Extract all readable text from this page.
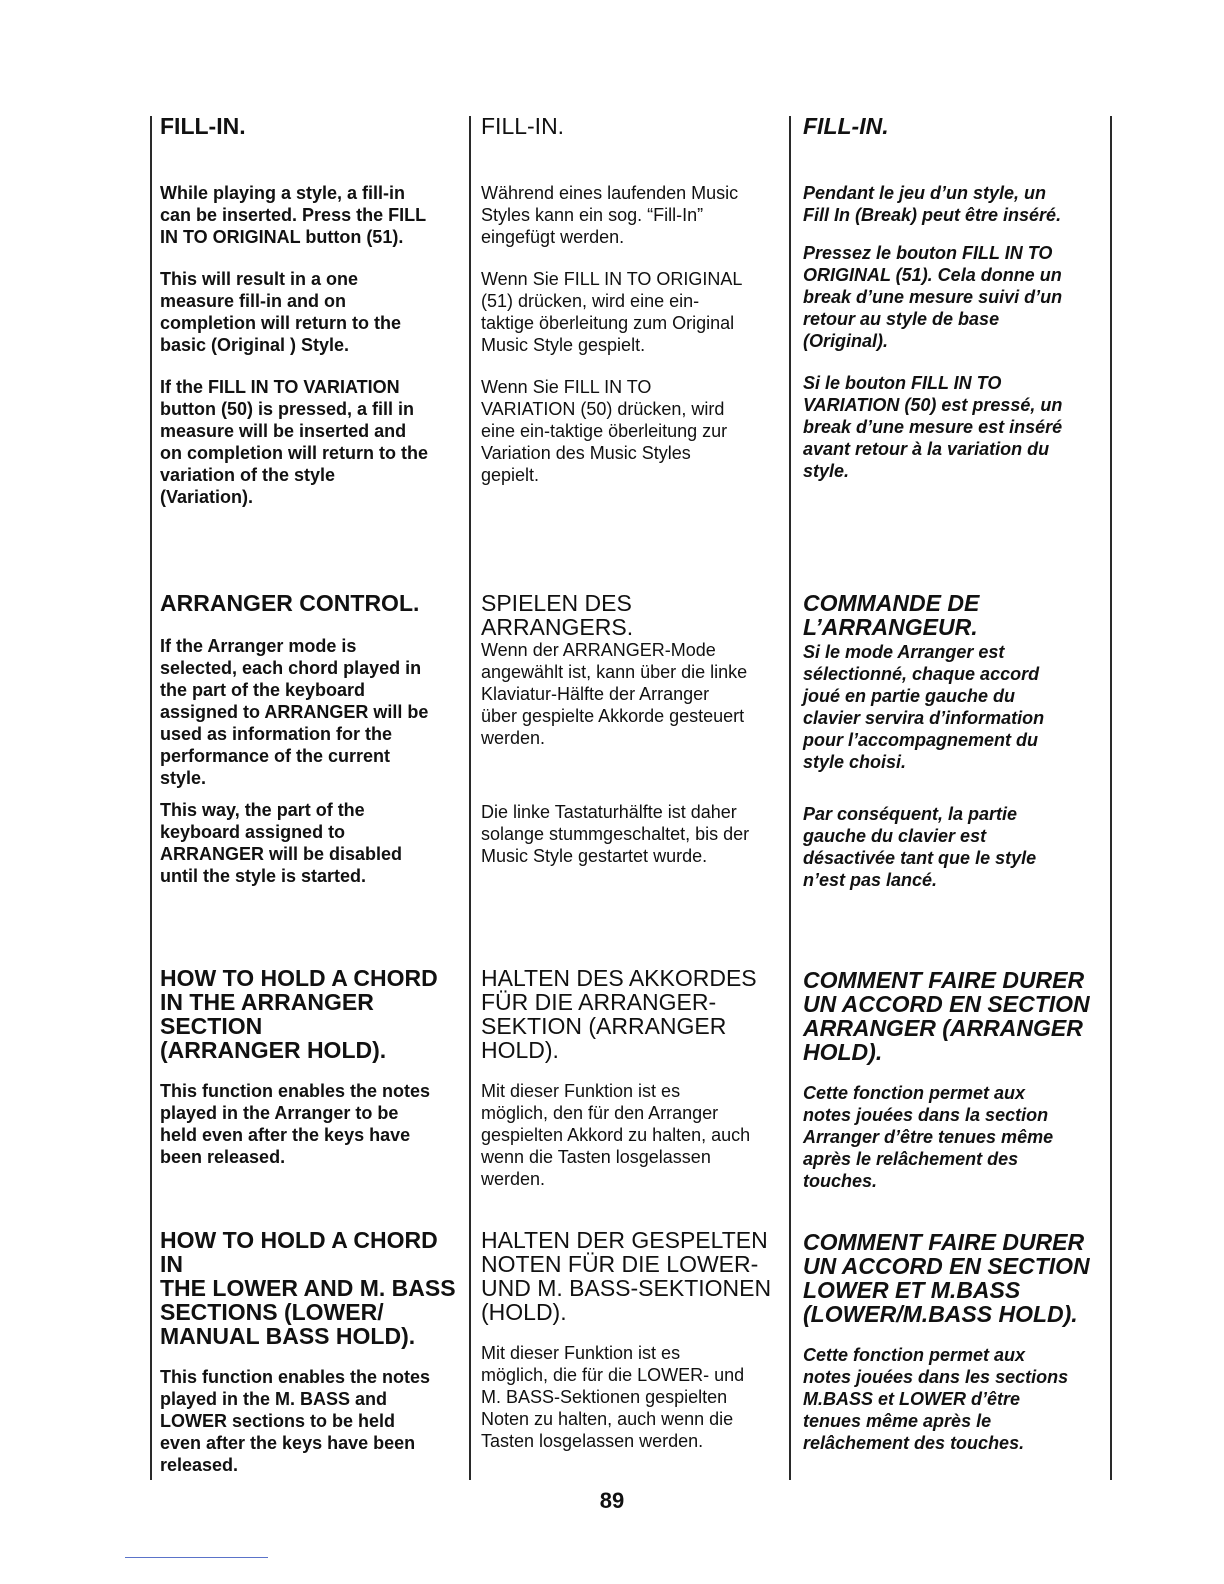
FILL-IN.

While playing a style, a fill-in
can be inserted. Press the FILL
IN TO ORIGINAL button (51).

This will result in a one
measure fill-in and on
completion will return to the
basic (Original ) Style.

If the FILL IN TO VARIATION
button (50) is pressed, a fill in
measure will be inserted and
on completion will return to the
variation of the style
(Variation).

ARRANGER CONTROL.

If the Arranger mode is
selected, each chord played in
the part of the keyboard
assigned to ARRANGER will be
used as information for the
performance of the current
style.

This way, the part of the
keyboard assigned to
ARRANGER will be disabled
until the style is started.

HOW TO HOLD A CHORD
IN THE ARRANGER
SECTION
(ARRANGER HOLD).

This function enables the notes
played in the Arranger to be
held even after the keys have
been released.

HOW TO HOLD A CHORD IN
THE LOWER AND M. BASS
SECTIONS (LOWER/
MANUAL BASS HOLD).

This function enables the notes
played in the M. BASS and
LOWER sections to be held
even after the keys have been
released.

FILL-IN.

Während eines laufenden Music
Styles kann ein sog. “Fill-In”
eingefügt werden.

Wenn Sie FILL IN TO ORIGINAL
(51) drücken, wird eine ein-
taktige öberleitung zum Original
Music Style gespielt.

Wenn Sie FILL IN TO
VARIATION (50) drücken, wird
eine ein-taktige öberleitung zur
Variation des Music Styles
gepielt.

SPIELEN DES
ARRANGERS.

Wenn der ARRANGER-Mode
angewählt ist, kann über die linke
Klaviatur-Hälfte der Arranger
über gespielte Akkorde gesteuert
werden.

Die linke Tastaturhälfte ist daher
solange stummgeschaltet, bis der
Music Style gestartet wurde.

HALTEN DES AKKORDES
FÜR DIE ARRANGER-
SEKTION (ARRANGER
HOLD).

Mit dieser Funktion ist es
möglich, den für den Arranger
gespielten Akkord zu halten, auch
wenn die Tasten losgelassen
werden.

HALTEN DER GESPELTEN
NOTEN FÜR DIE LOWER-
UND M. BASS-SEKTIONEN
(HOLD).

Mit dieser Funktion ist es
möglich, die für die LOWER- und
M. BASS-Sektionen gespielten
Noten zu halten, auch wenn die
Tasten losgelassen werden.

FILL-IN.

Pendant le jeu d’un style, un
Fill In (Break) peut être inséré.

Pressez le bouton FILL IN TO
ORIGINAL (51). Cela donne un
break d’une mesure suivi d’un
retour au style de base
(Original).

Si le bouton FILL IN TO
VARIATION (50) est pressé, un
break d’une mesure est inséré
avant retour à la variation du
style.

COMMANDE DE
L’ARRANGEUR.

Si le mode Arranger est
sélectionné, chaque accord
joué en partie gauche du
clavier servira d’information
pour l’accompagnement du
style choisi.

Par conséquent, la partie
gauche du clavier est
désactivée tant que le style
n’est pas lancé.

COMMENT FAIRE DURER
UN ACCORD EN SECTION
ARRANGER (ARRANGER
HOLD).

Cette fonction permet aux
notes jouées dans la section
Arranger d’être tenues même
après le relâchement des
touches.

COMMENT FAIRE DURER
UN ACCORD EN SECTION
LOWER ET M.BASS
(LOWER/M.BASS HOLD).

Cette fonction permet aux
notes jouées dans les sections
M.BASS et LOWER d’être
tenues même après le
relâchement des touches.

89
